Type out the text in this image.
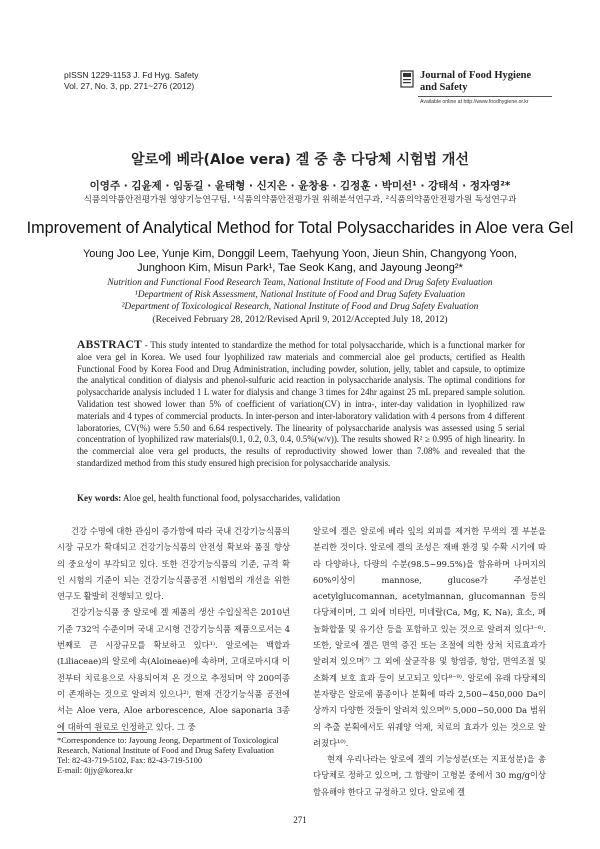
pISSN 1229-1153 J. Fd Hyg. Safety
Vol. 27, No. 3, pp. 271~276 (2012)
Journal of Food Hygiene
and Safety
Available online at http://www.foodhygiene.or.kr
알로에 베라(Aloe vera) 겔 중 총 다당체 시험법 개선
이영주 · 김윤제 · 임동길 · 윤태형 · 신지은 · 윤창용 · 김정훈 · 박미선¹ · 강태석 · 정자영²*
식품의약품안전평가원 영양기능연구팀, ¹식품의약품안전평가원 위해분석연구과, ²식품의약품안전평가원 독성연구과
Improvement of Analytical Method for Total Polysaccharides in Aloe vera Gel
Young Joo Lee, Yunje Kim, Donggil Leem, Taehyung Yoon, Jieun Shin, Changyong Yoon,
Junghoon Kim, Misun Park¹, Tae Seok Kang, and Jayoung Jeong²*
Nutrition and Functional Food Research Team, National Institute of Food and Drug Safety Evaluation
¹Department of Risk Assessment, National Institute of Food and Drug Safety Evaluation
²Department of Toxicological Research, National Institute of Food and Drug Safety Evaluation
(Received February 28, 2012/Revised April 9, 2012/Accepted July 18, 2012)
ABSTRACT - This study intented to standardize the method for total polysaccharide, which is a functional marker for aloe vera gel in Korea. We used four lyophilized raw materials and commercial aloe gel products, certified as Health Functional Food by Korea Food and Drug Administration, including powder, solution, jelly, tablet and capsule, to optimize the analytical condition of dialysis and phenol-sulfuric acid reaction in polysaccharide analysis. The optimal conditions for polysaccharide analysis included 1 L water for dialysis and change 3 times for 24hr against 25 mL prepared sample solution. Validation test showed lower than 5% of coefficient of variation(CV) in intra-, inter-day validation in lyophilized raw materials and 4 types of commercial products. In inter-person and inter-laboratory validation with 4 persons from 4 different laboratories, CV(%) were 5.50 and 6.64 respectively. The linearity of polysaccharide analysis was assessed using 5 serial concentration of lyophilized raw materials(0.1, 0.2, 0.3, 0.4, 0.5%(w/v)). The results showed R² ≥ 0.995 of high linearity. In the commercial aloe vera gel products, the results of reproductivity showed lower than 7.08% and revealed that the standardized method from this study ensured high precision for polysaccharide analysis.
Key words: Aloe gel, health functional food, polysaccharides, validation

건강 수명에 대한 관심이 증가함에 따라 국내 건강기능식품의 시장 규모가 확대되고 건강기능식품의 안전성 확보와 품질 향상의 중요성이 부각되고 있다. 또한 건강기능식품의 기준, 규격 확인 시험의 기준이 되는 건강기능식품공전 시험법의 개선을 위한 연구도 활발히 진행되고 있다.

건강기능식품 중 알로에 겔 제품의 생산 수입실적은 2010년 기준 732억 수준이며 국내 고시형 건강기능식품 제품으로서는 4번째로 큰 시장규모를 확보하고 있다¹⁾. 알로에는 백합과(Liliaceae)의 알로에 속(Aloineae)에 속하며, 고대로마시대 이전부터 치료용으로 사용되어져 온 것으로 추정되며 약 200여종이 존재하는 것으로 알려져 있으나²⁾, 현재 건강기능식품 공전에서는 Aloe vera, Aloe arborescence, Aloe saponaria 3종에 대하여 원료로 인정하고 있다. 그 중

알로에 겔은 알로에 베라 잎의 외피를 제거한 무색의 겔 부분을 분리한 것이다. 알로에 겔의 조성은 재배 환경 및 수확 시기에 따라 다양하나, 다량의 수분(98.5~99.5%)을 함유하며 나머지의 60%이상이 mannose, glucose가 주성분인 acetylglucomannan, acetylmannan, glucomannan 등의 다당체이며, 그 외에 비타민, 미네랄(Ca, Mg, K, Na), 효소, 페놀화합물 및 유기산 등을 포함하고 있는 것으로 알려져 있다³⁻⁶⁾. 또한, 알로에 겔은 면역 증진 또는 조절에 의한 상처 치료효과가 알려져 있으며⁷⁾ 그 외에 살균작용 및 항염증, 항암, 면역조절 및 소화계 보호 효과 등이 보고되고 있다⁸⁻⁹⁾. 알로에 유래 다당체의 분자량은 알로에 품종이나 분획에 따라 2,500~450,000 Da이상까지 다양한 것들이 알려져 있으며⁹⁾ 5,000~50,000 Da 범위의 추출 분획에서도 위궤양 억제, 치료의 효과가 있는 것으로 알려졌다¹⁰⁾.

현재 우리나라는 알로에 겔의 기능성분(또는 지표성분)을 총 다당체로 정하고 있으며, 그 함량이 고형분 중에서 30 mg/g이상 함유해야 한다고 규정하고 있다. 알로에 겔

*Correspondence to: Jayoung Jeong, Department of Toxicological
Research, National Institute of Food and Drug Safety Evaluation
Tel: 82-43-719-5102, Fax: 82-43-719-5100
E-mail: 0jjy@korea.kr
271
